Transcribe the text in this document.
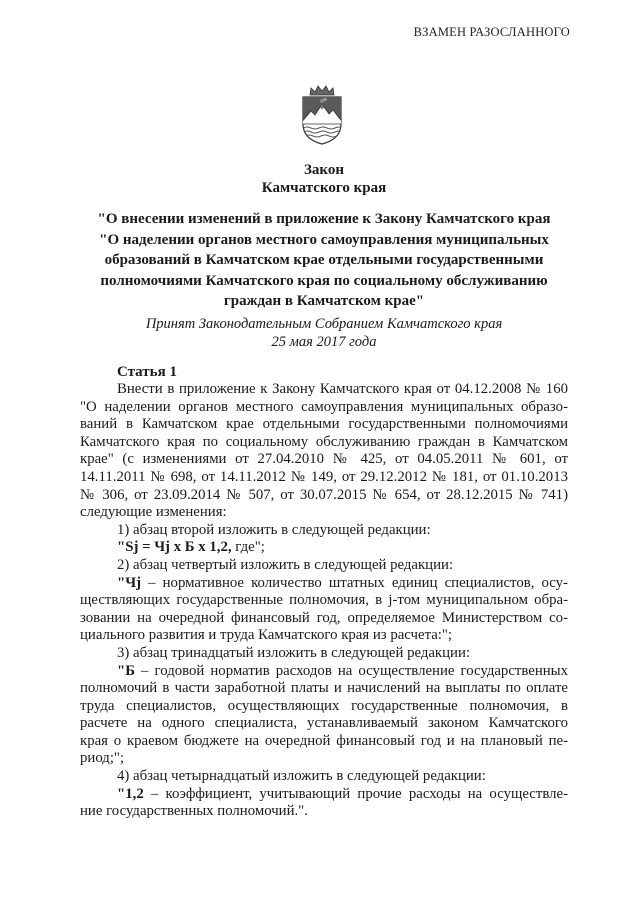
ВЗАМЕН РАЗОСЛАННОГО
Закон
Камчатского края
"О внесении изменений в приложение к Закону Камчатского края
"О наделении органов местного самоуправления муниципальных
образований в Камчатском крае отдельными государственными
полномочиями Камчатского края по социальному обслуживанию
граждан в Камчатском крае"
Принят Законодательным Собранием Камчатского края
25 мая 2017 года
Статья 1
Внести в приложение к Закону Камчатского края от 04.12.2008 № 160
"О наделении органов местного самоуправления муниципальных образо-
ваний в Камчатском крае отдельными государственными полномочиями
Камчатского края по социальному обслуживанию граждан в Камчатском
крае" (с изменениями от 27.04.2010 № 425, от 04.05.2011 № 601, от
14.11.2011 № 698, от 14.11.2012 № 149, от 29.12.2012 № 181, от 01.10.2013
№ 306, от 23.09.2014 № 507, от 30.07.2015 № 654, от 28.12.2015 № 741)
следующие изменения:
1) абзац второй изложить в следующей редакции:
"Sj = Чj х Б х 1,2, где";
2) абзац четвертый изложить в следующей редакции:
"Чj – нормативное количество штатных единиц специалистов, осу-
ществляющих государственные полномочия, в j-том муниципальном обра-
зовании на очередной финансовый год, определяемое Министерством со-
циального развития и труда Камчатского края из расчета:";
3) абзац тринадцатый изложить в следующей редакции:
"Б – годовой норматив расходов на осуществление государственных
полномочий в части заработной платы и начислений на выплаты по оплате
труда специалистов, осуществляющих государственные полномочия, в
расчете на одного специалиста, устанавливаемый законом Камчатского
края о краевом бюджете на очередной финансовый год и на плановый пе-
риод;";
4) абзац четырнадцатый изложить в следующей редакции:
"1,2 – коэффициент, учитывающий прочие расходы на осуществле-
ние государственных полномочий.".
